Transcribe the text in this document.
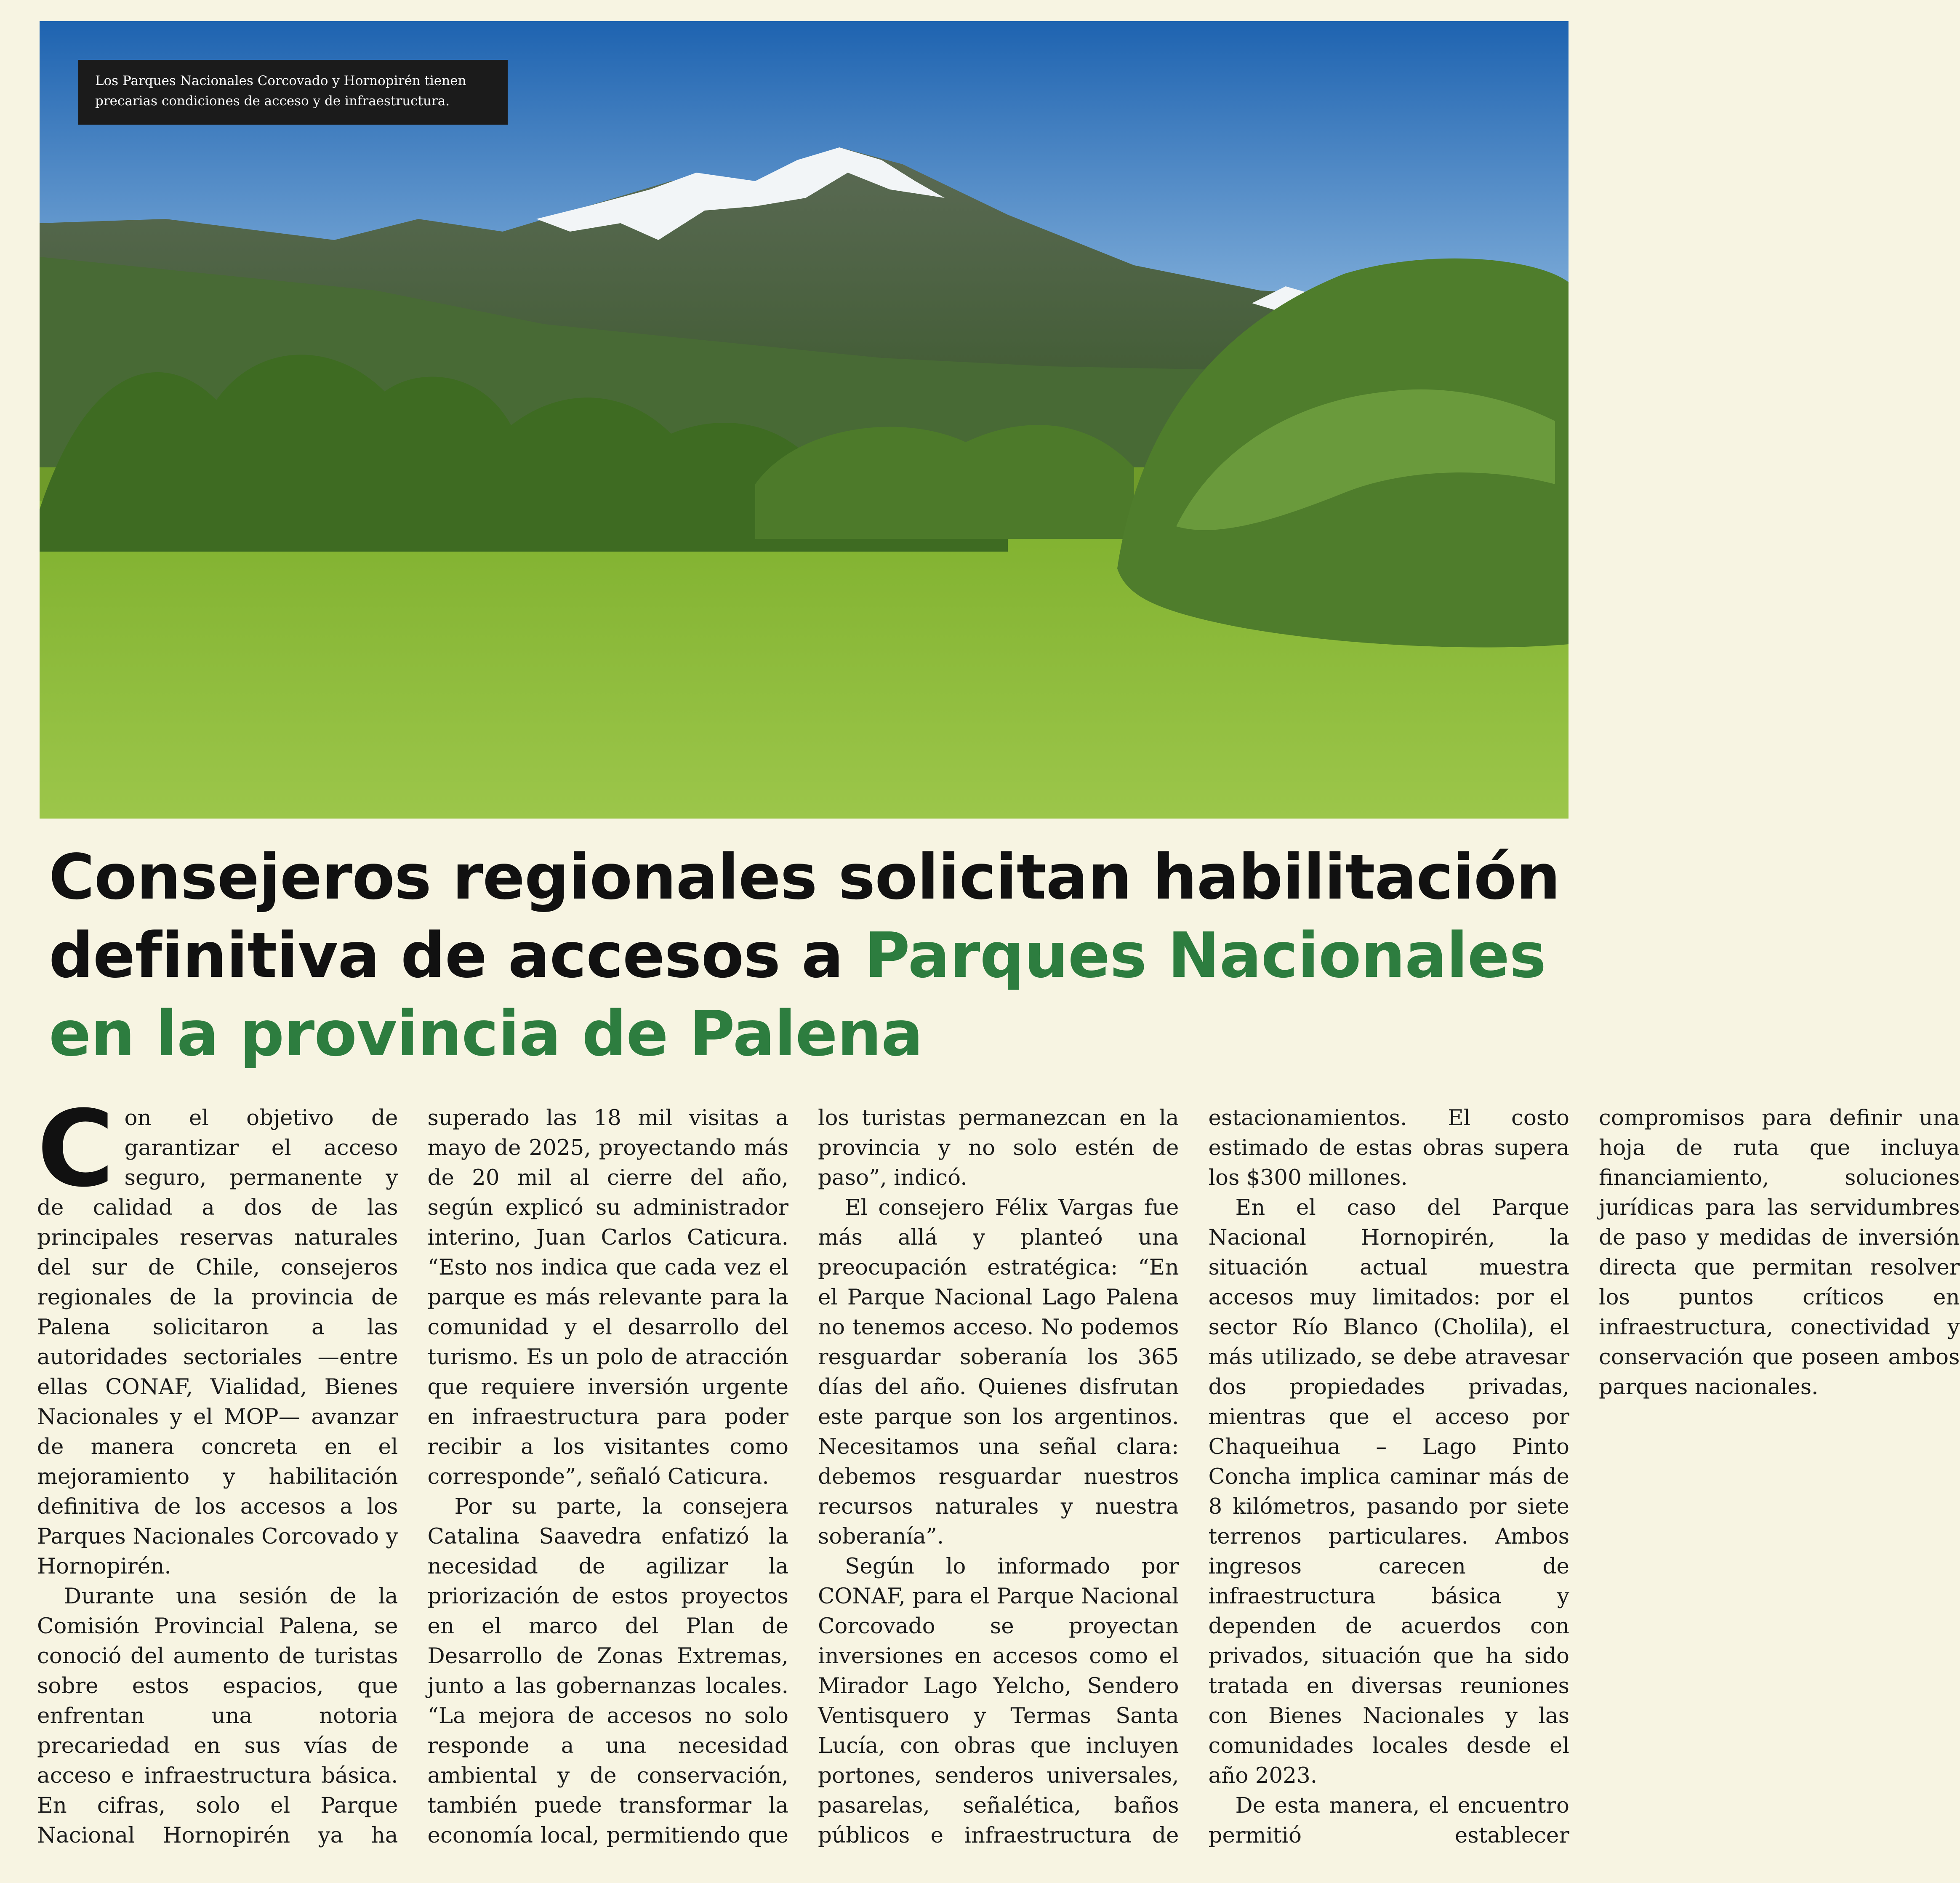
Los Parques Nacionales Corcovado y Hornopirén tienen precarias condiciones de acceso y de infraestructura.
Consejeros regionales solicitan habilitación definitiva de accesos a Parques Nacionales en la provincia de Palena

Con el objetivo de garantizar el acceso seguro, permanente y de calidad a dos de las principales reservas naturales del sur de Chile, consejeros regionales de la provincia de Palena solicitaron a las autoridades sectoriales —entre ellas CONAF, Vialidad, Bienes Nacionales y el MOP— avanzar de manera concreta en el mejoramiento y habilitación definitiva de los accesos a los Parques Nacionales Corcovado y Hornopirén.

Durante una sesión de la Comisión Provincial Palena, se conoció del aumento de turistas sobre estos espacios, que enfrentan una notoria precariedad en sus vías de acceso e infraestructura básica. En cifras, solo el Parque Nacional Hornopirén ya ha superado las 18 mil visitas a mayo de 2025, proyectando más de 20 mil al cierre del año, según explicó su administrador interino, Juan Carlos Caticura. “Esto nos indica que cada vez el parque es más relevante para la comunidad y el desarrollo del turismo. Es un polo de atracción que requiere inversión urgente en infraestructura para poder recibir a los visitantes como corresponde”, señaló Caticura.

Por su parte, la consejera Catalina Saavedra enfatizó la necesidad de agilizar la priorización de estos proyectos en el marco del Plan de Desarrollo de Zonas Extremas, junto a las gobernanzas locales. “La mejora de accesos no solo responde a una necesidad ambiental y de conservación, también puede transformar la economía local, permitiendo que los turistas permanezcan en la provincia y no solo estén de paso”, indicó.

El consejero Félix Vargas fue más allá y planteó una preocupación estratégica: “En el Parque Nacional Lago Palena no tenemos acceso. No podemos resguardar soberanía los 365 días del año. Quienes disfrutan este parque son los argentinos. Necesitamos una señal clara: debemos resguardar nuestros recursos naturales y nuestra soberanía”.

Según lo informado por CONAF, para el Parque Nacional Corcovado se proyectan inversiones en accesos como el Mirador Lago Yelcho, Sendero Ventisquero y Termas Santa Lucía, con obras que incluyen portones, senderos universales, pasarelas, señalética, baños públicos e infraestructura de estacionamientos. El costo estimado de estas obras supera los $300 millones.

En el caso del Parque Nacional Hornopirén, la situación actual muestra accesos muy limitados: por el sector Río Blanco (Cholila), el más utilizado, se debe atravesar dos propiedades privadas, mientras que el acceso por Chaqueihua – Lago Pinto Concha implica caminar más de 8 kilómetros, pasando por siete terrenos particulares. Ambos ingresos carecen de infraestructura básica y dependen de acuerdos con privados, situación que ha sido tratada en diversas reuniones con Bienes Nacionales y las comunidades locales desde el año 2023.

De esta manera, el encuentro permitió establecer compromisos para definir una hoja de ruta que incluya financiamiento, soluciones jurídicas para las servidumbres de paso y medidas de inversión directa que permitan resolver los puntos críticos en infraestructura, conectividad y conservación que poseen ambos parques nacionales.
